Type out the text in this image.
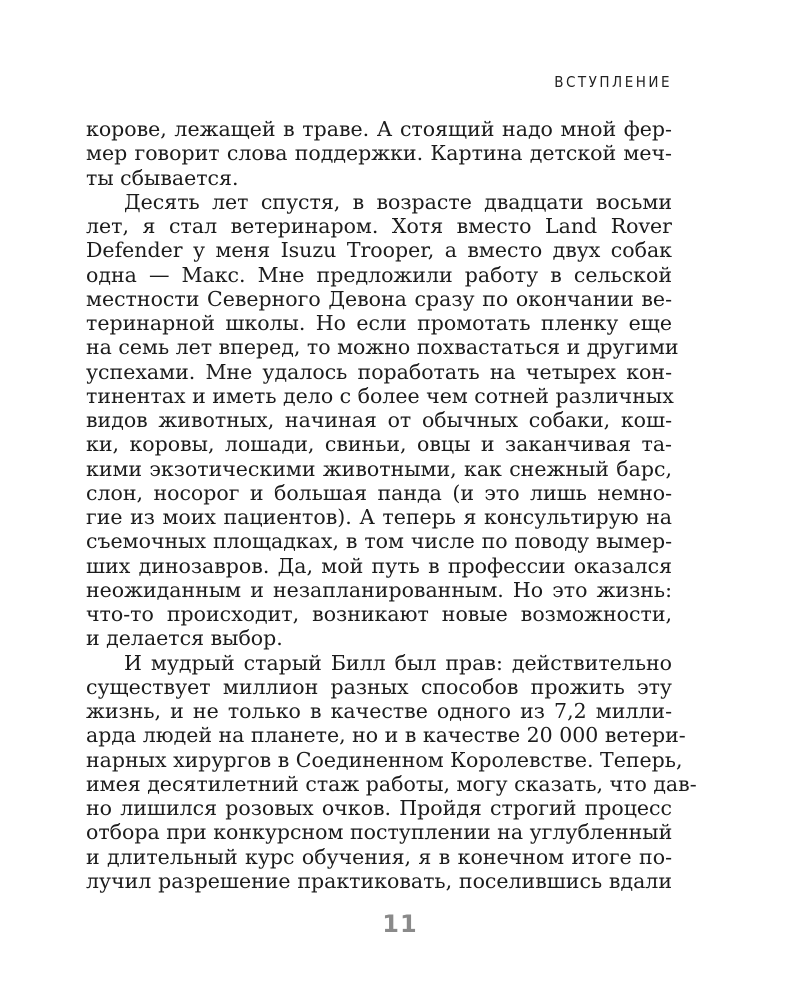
ВСТУПЛЕНИЕ
корове, лежащей в траве. А стоящий надо мной фер-
мер говорит слова поддержки. Картина детской меч-
ты сбывается.
Десять лет спустя, в возрасте двадцати восьми
лет, я стал ветеринаром. Хотя вместо Land Rover
Defender у меня Isuzu Trooper, а вместо двух собак
одна — Макс. Мне предложили работу в сельской
местности Северного Девона сразу по окончании ве-
теринарной школы. Но если промотать пленку еще
на семь лет вперед, то можно похвастаться и другими
успехами. Мне удалось поработать на четырех кон-
тинентах и иметь дело с более чем сотней различных
видов животных, начиная от обычных собаки, кош-
ки, коровы, лошади, свиньи, овцы и заканчивая та-
кими экзотическими животными, как снежный барс,
слон, носорог и большая панда (и это лишь немно-
гие из моих пациентов). А теперь я консультирую на
съемочных площадках, в том числе по поводу вымер-
ших динозавров. Да, мой путь в профессии оказался
неожиданным и незапланированным. Но это жизнь:
что-то происходит, возникают новые возможности,
и делается выбор.
И мудрый старый Билл был прав: действительно
существует миллион разных способов прожить эту
жизнь, и не только в качестве одного из 7,2 милли-
арда людей на планете, но и в качестве 20 000 ветери-
нарных хирургов в Соединенном Королевстве. Теперь,
имея десятилетний стаж работы, могу сказать, что дав-
но лишился розовых очков. Пройдя строгий процесс
отбора при конкурсном поступлении на углубленный
и длительный курс обучения, я в конечном итоге по-
лучил разрешение практиковать, поселившись вдали
11
